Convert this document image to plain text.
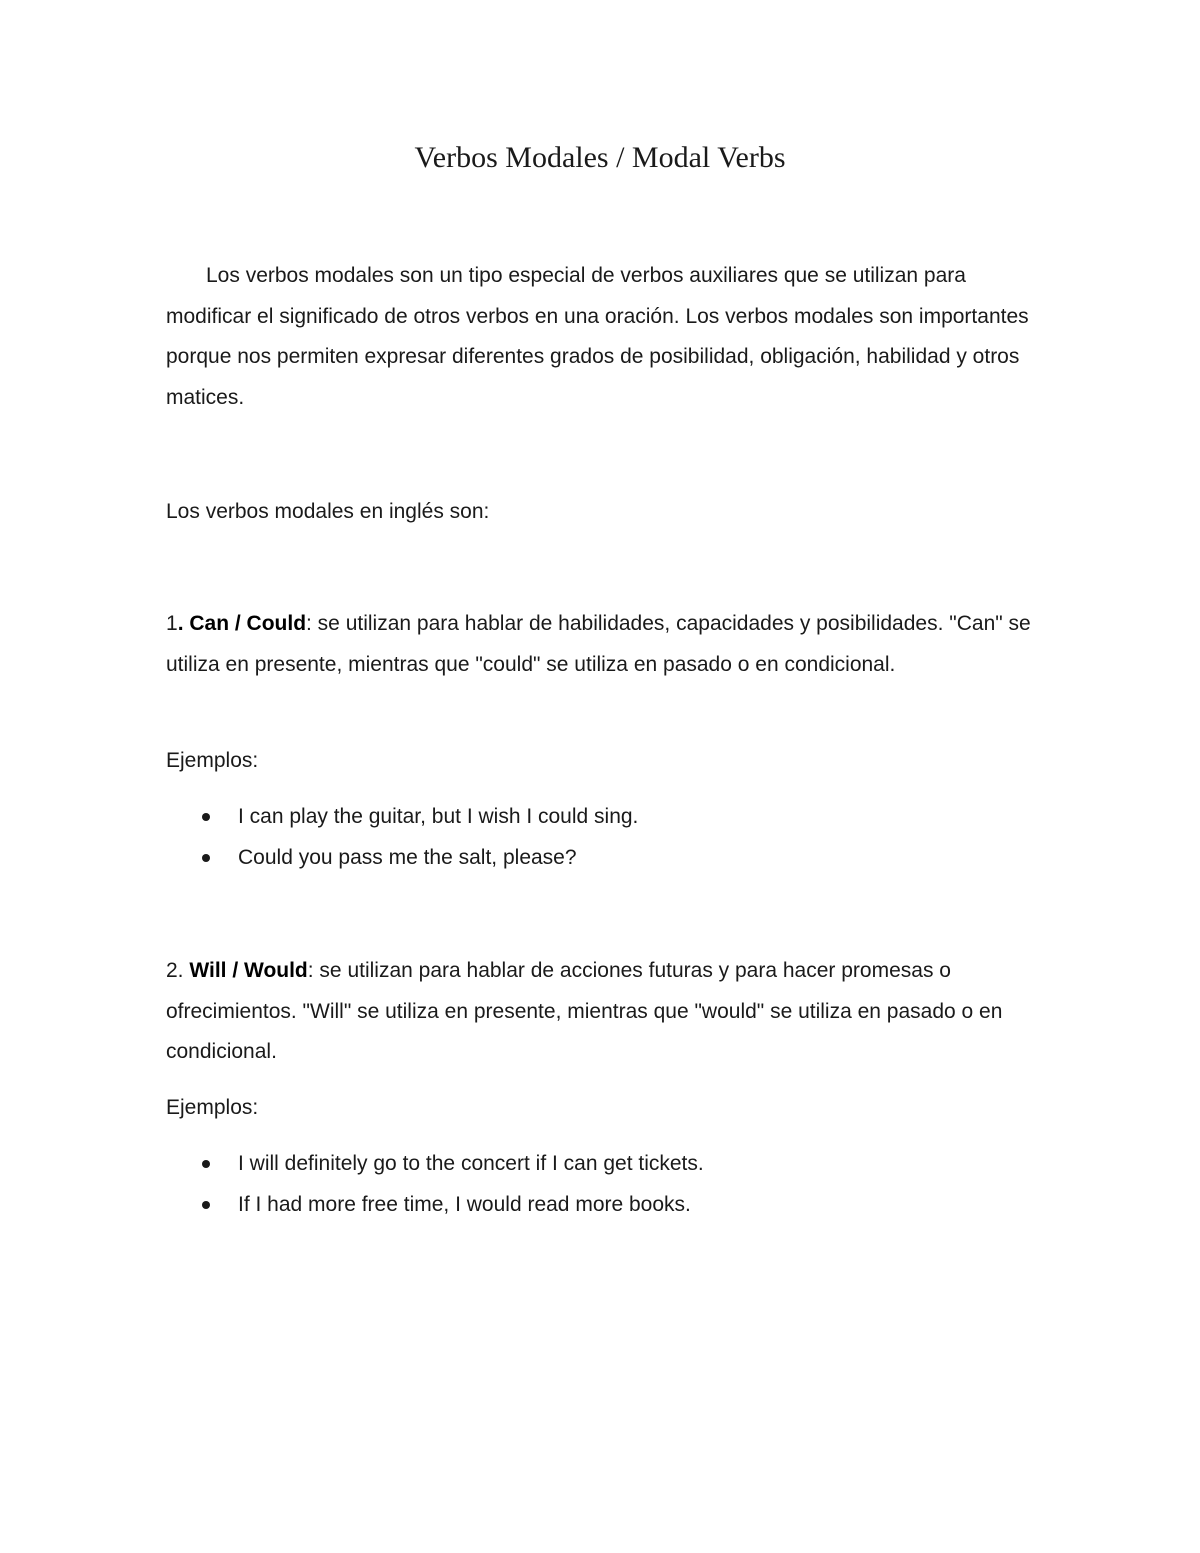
Verbos Modales / Modal Verbs

Los verbos modales son un tipo especial de verbos auxiliares que se utilizan para modificar el significado de otros verbos en una oración. Los verbos modales son importantes porque nos permiten expresar diferentes grados de posibilidad, obligación, habilidad y otros matices.

Los verbos modales en inglés son:

1. Can / Could: se utilizan para hablar de habilidades, capacidades y posibilidades. "Can" se utiliza en presente, mientras que "could" se utiliza en pasado o en condicional.

Ejemplos:

I can play the guitar, but I wish I could sing.
Could you pass me the salt, please?

2. Will / Would: se utilizan para hablar de acciones futuras y para hacer promesas o ofrecimientos. "Will" se utiliza en presente, mientras que "would" se utiliza en pasado o en condicional.

Ejemplos:

I will definitely go to the concert if I can get tickets.
If I had more free time, I would read more books.
